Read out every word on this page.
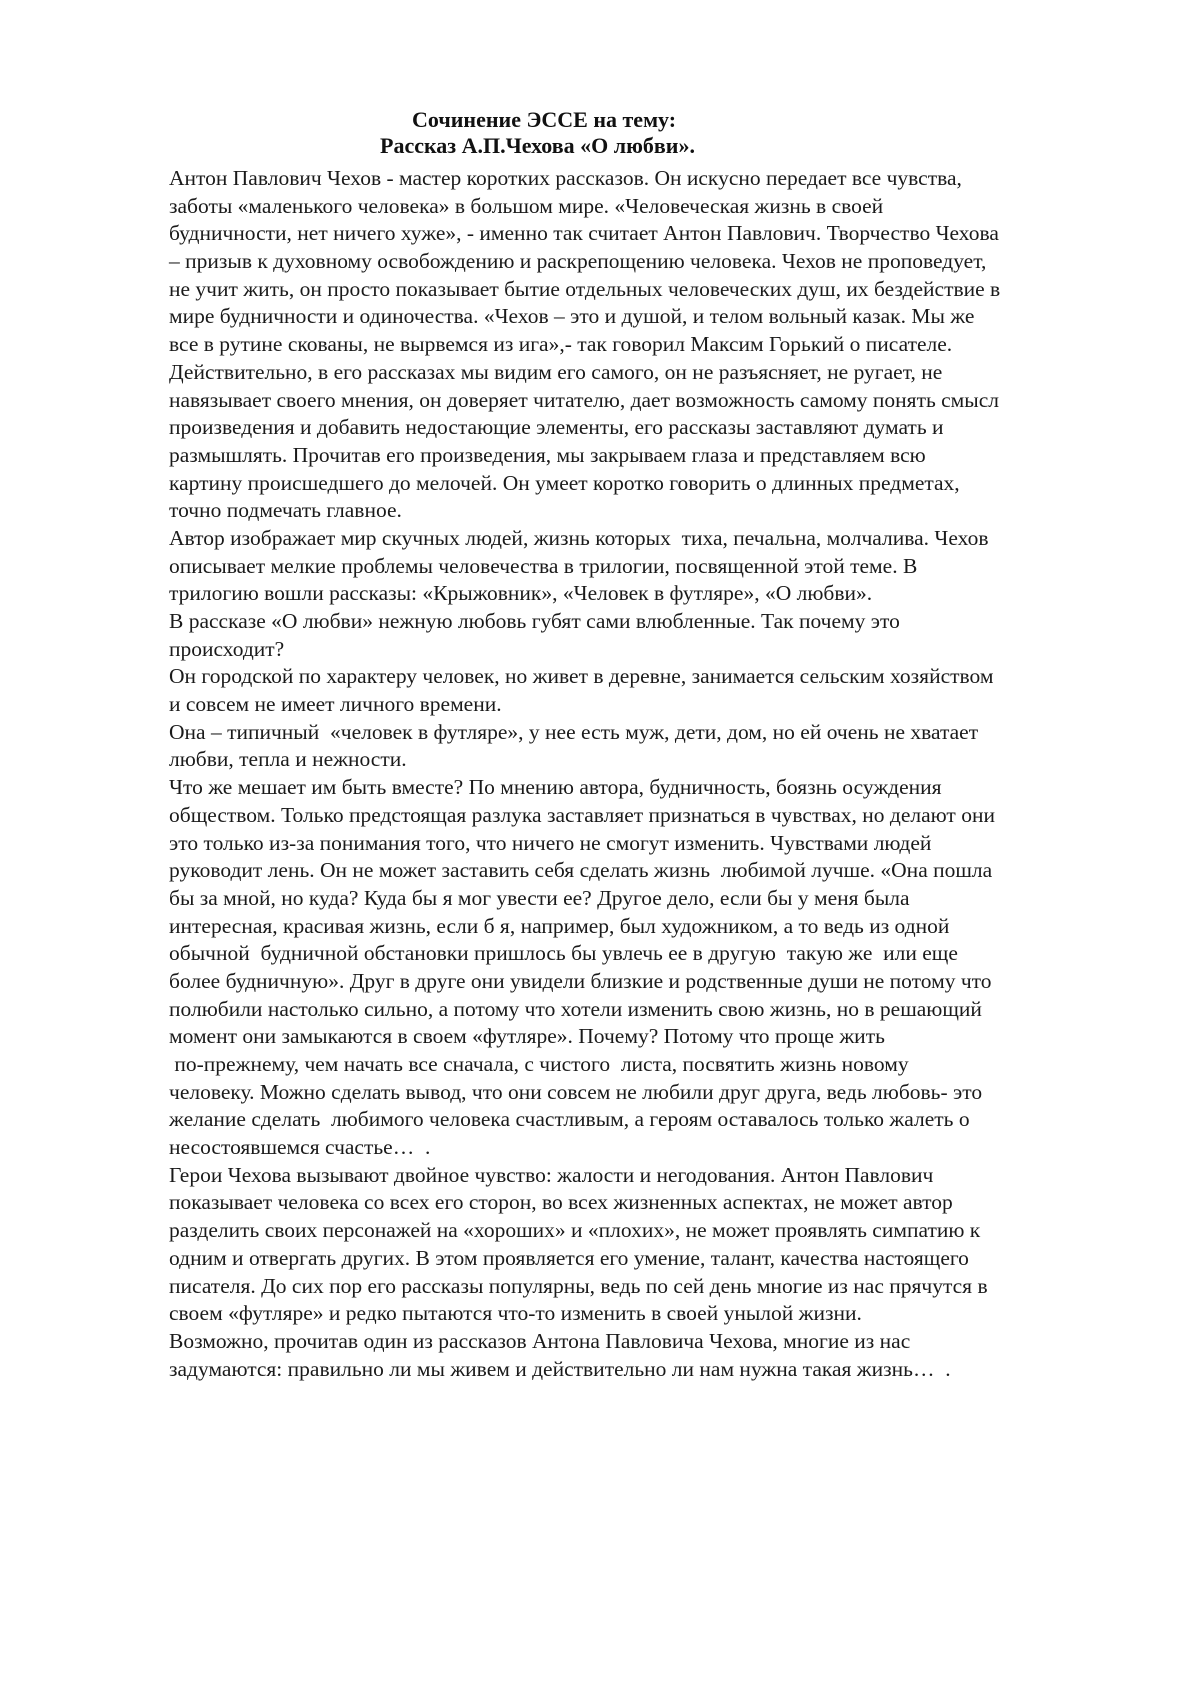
Сочинение ЭССЕ на тему:
Рассказ А.П.Чехова «О любви».
Антон Павлович Чехов - мастер коротких рассказов. Он искусно передает все чувства,
заботы «маленького человека» в большом мире. «Человеческая жизнь в своей
будничности, нет ничего хуже», - именно так считает Антон Павлович. Творчество Чехова
– призыв к духовному освобождению и раскрепощению человека. Чехов не проповедует,
не учит жить, он просто показывает бытие отдельных человеческих душ, их бездействие в
мире будничности и одиночества. «Чехов – это и душой, и телом вольный казак. Мы же
все в рутине скованы, не вырвемся из ига»,- так говорил Максим Горький о писателе.
Действительно, в его рассказах мы видим его самого, он не разъясняет, не ругает, не
навязывает своего мнения, он доверяет читателю, дает возможность самому понять смысл
произведения и добавить недостающие элементы, его рассказы заставляют думать и
размышлять. Прочитав его произведения, мы закрываем глаза и представляем всю
картину происшедшего до мелочей. Он умеет коротко говорить о длинных предметах,
точно подмечать главное.
Автор изображает мир скучных людей, жизнь которых  тиха, печальна, молчалива. Чехов
описывает мелкие проблемы человечества в трилогии, посвященной этой теме. В
трилогию вошли рассказы: «Крыжовник», «Человек в футляре», «О любви».
В рассказе «О любви» нежную любовь губят сами влюбленные. Так почему это
происходит?
Он городской по характеру человек, но живет в деревне, занимается сельским хозяйством
и совсем не имеет личного времени.
Она – типичный  «человек в футляре», у нее есть муж, дети, дом, но ей очень не хватает
любви, тепла и нежности.
Что же мешает им быть вместе? По мнению автора, будничность, боязнь осуждения
обществом. Только предстоящая разлука заставляет признаться в чувствах, но делают они
это только из-за понимания того, что ничего не смогут изменить. Чувствами людей
руководит лень. Он не может заставить себя сделать жизнь  любимой лучше. «Она пошла
бы за мной, но куда? Куда бы я мог увести ее? Другое дело, если бы у меня была
интересная, красивая жизнь, если б я, например, был художником, а то ведь из одной
обычной  будничной обстановки пришлось бы увлечь ее в другую  такую же  или еще
более будничную». Друг в друге они увидели близкие и родственные души не потому что
полюбили настолько сильно, а потому что хотели изменить свою жизнь, но в решающий
момент они замыкаются в своем «футляре». Почему? Потому что проще жить
по-прежнему, чем начать все сначала, с чистого  листа, посвятить жизнь новому
человеку. Можно сделать вывод, что они совсем не любили друг друга, ведь любовь- это
желание сделать  любимого человека счастливым, а героям оставалось только жалеть о
несостоявшемся счастье…  .
Герои Чехова вызывают двойное чувство: жалости и негодования. Антон Павлович
показывает человека со всех его сторон, во всех жизненных аспектах, не может автор
разделить своих персонажей на «хороших» и «плохих», не может проявлять симпатию к
одним и отвергать других. В этом проявляется его умение, талант, качества настоящего
писателя. До сих пор его рассказы популярны, ведь по сей день многие из нас прячутся в
своем «футляре» и редко пытаются что-то изменить в своей унылой жизни.
Возможно, прочитав один из рассказов Антона Павловича Чехова, многие из нас
задумаются: правильно ли мы живем и действительно ли нам нужна такая жизнь…  .
